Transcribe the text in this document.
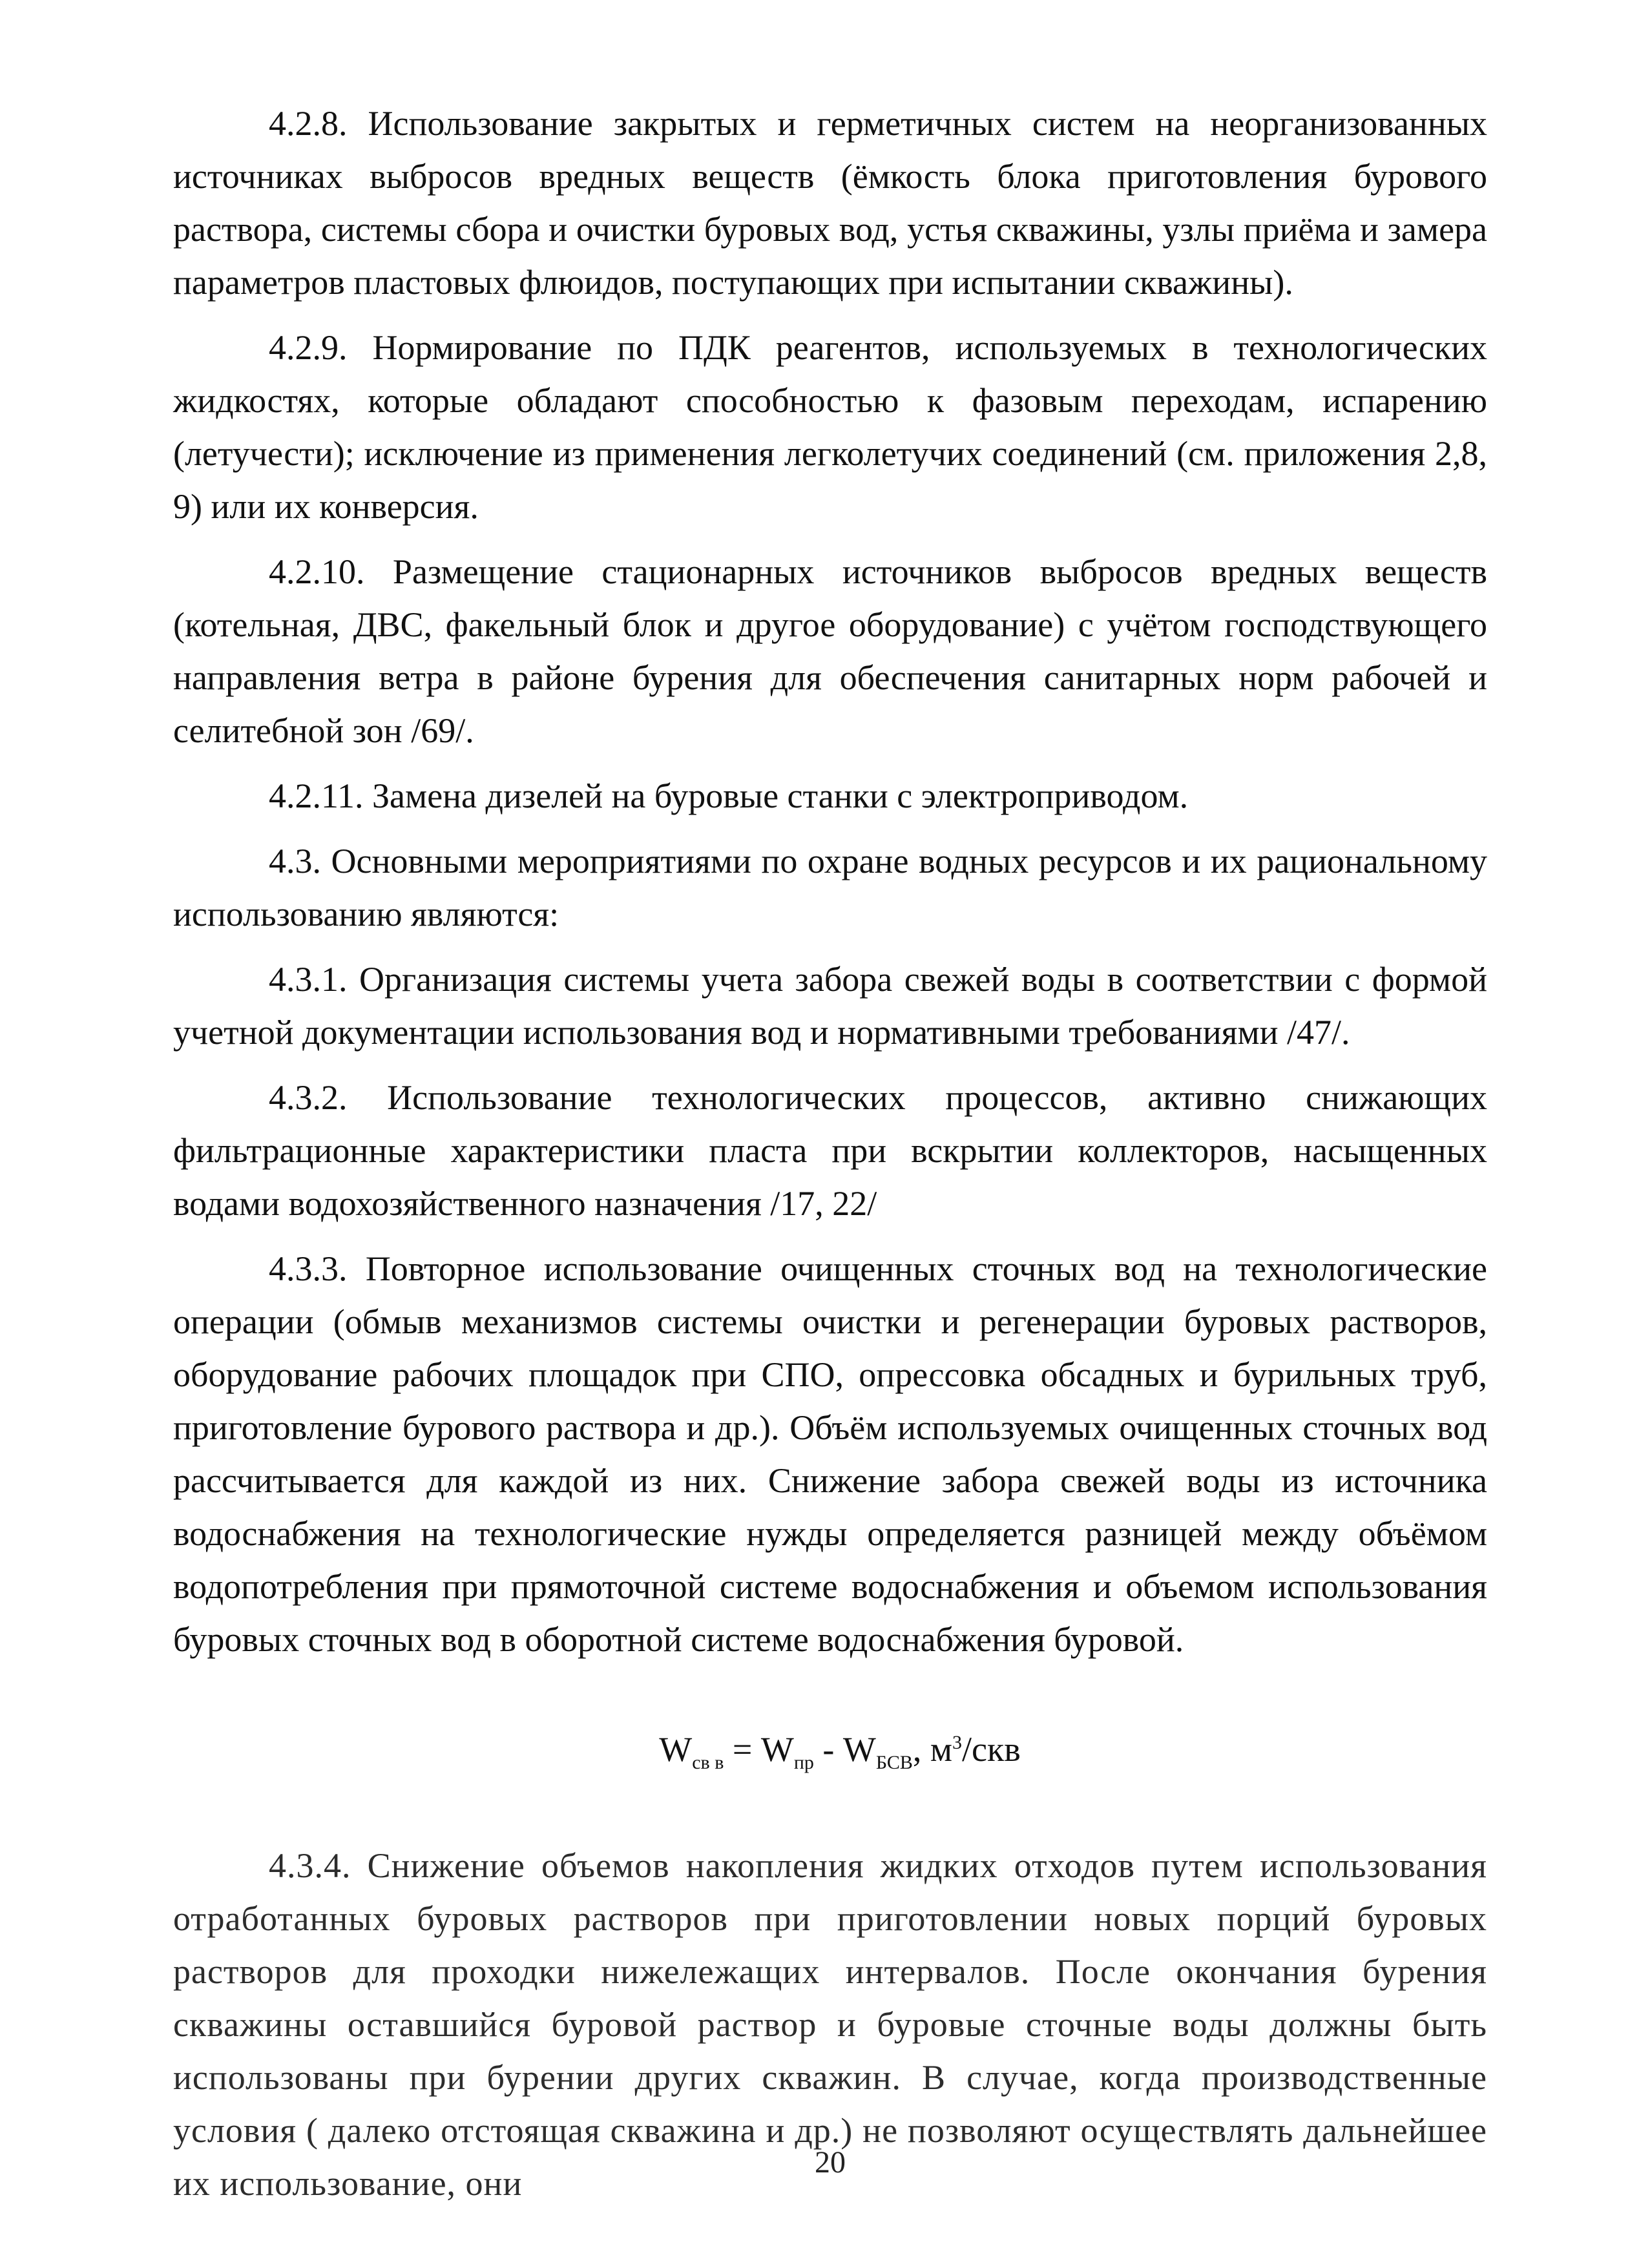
4.2.8. Использование закрытых и герметичных систем на неорганизованных источниках выбросов вредных веществ (ёмкость блока приготовления бурового раствора, системы сбора и очистки буровых вод, устья скважины, узлы приёма и замера параметров пластовых флюидов, поступающих при испытании скважины).

4.2.9. Нормирование по ПДК реагентов, используемых в технологических жидкостях, которые обладают способностью к фазовым переходам, испарению (летучести); исключение из применения легколетучих соединений (см. приложения 2,8, 9) или их конверсия.

4.2.10. Размещение стационарных источников выбросов вредных веществ (котельная, ДВС, факельный блок и другое оборудование) с учётом господствующего направления ветра в районе бурения для обеспечения санитарных норм рабочей и селитебной зон /69/.

4.2.11. Замена дизелей на буровые станки с электроприводом.

4.3. Основными мероприятиями по охране водных ресурсов и их рациональному использованию являются:

4.3.1. Организация системы учета забора свежей воды в соответствии с формой учетной документации использования вод и нормативными требованиями /47/.

4.3.2. Использование технологических процессов, активно снижающих фильтрационные характеристики пласта при вскрытии коллекторов, насыщенных водами водохозяйственного назначения /17, 22/

4.3.3. Повторное использование очищенных сточных вод на технологические операции (обмыв механизмов системы очистки и регенерации буровых растворов, оборудование рабочих площадок при СПО, опрессовка обсадных и бурильных труб, приготовление бурового раствора и др.). Объём используемых очищенных сточных вод рассчитывается для каждой из них. Снижение забора свежей воды из источника водоснабжения на технологические нужды определяется разницей между объёмом водопотребления при прямоточной системе водоснабжения и объемом использования буровых сточных вод в оборотной системе водоснабжения буровой.

$W_{св в} = W_{пр} - W_{БСВ}$, $м^3$/скв

4.3.4. Снижение объемов накопления жидких отходов путем использования отработанных буровых растворов при приготовлении новых порций буровых растворов для проходки нижележащих интервалов. После окончания бурения скважины оставшийся буровой раствор и буровые сточные воды должны быть использованы при бурении других скважин. В случае, когда производственные условия ( далеко отстоящая скважина и др.) не позволяют осуществлять дальнейшее их использование, они

20
